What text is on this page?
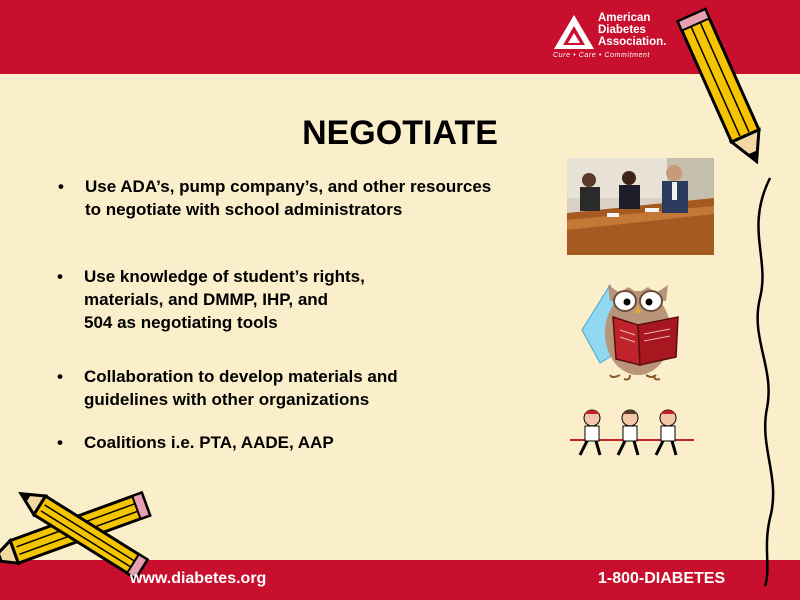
American
Diabetes
Association.
Cure • Care • Commitment
NEGOTIATE
• Use ADA’s, pump company’s, and other resources
to negotiate with school administrators
• Use knowledge of student’s rights,
materials, and DMMP, IHP, and
504 as negotiating tools
• Collaboration to develop materials and
guidelines with other organizations
• Coalitions i.e. PTA, AADE, AAP
www.diabetes.org	1-800-DIABETES
